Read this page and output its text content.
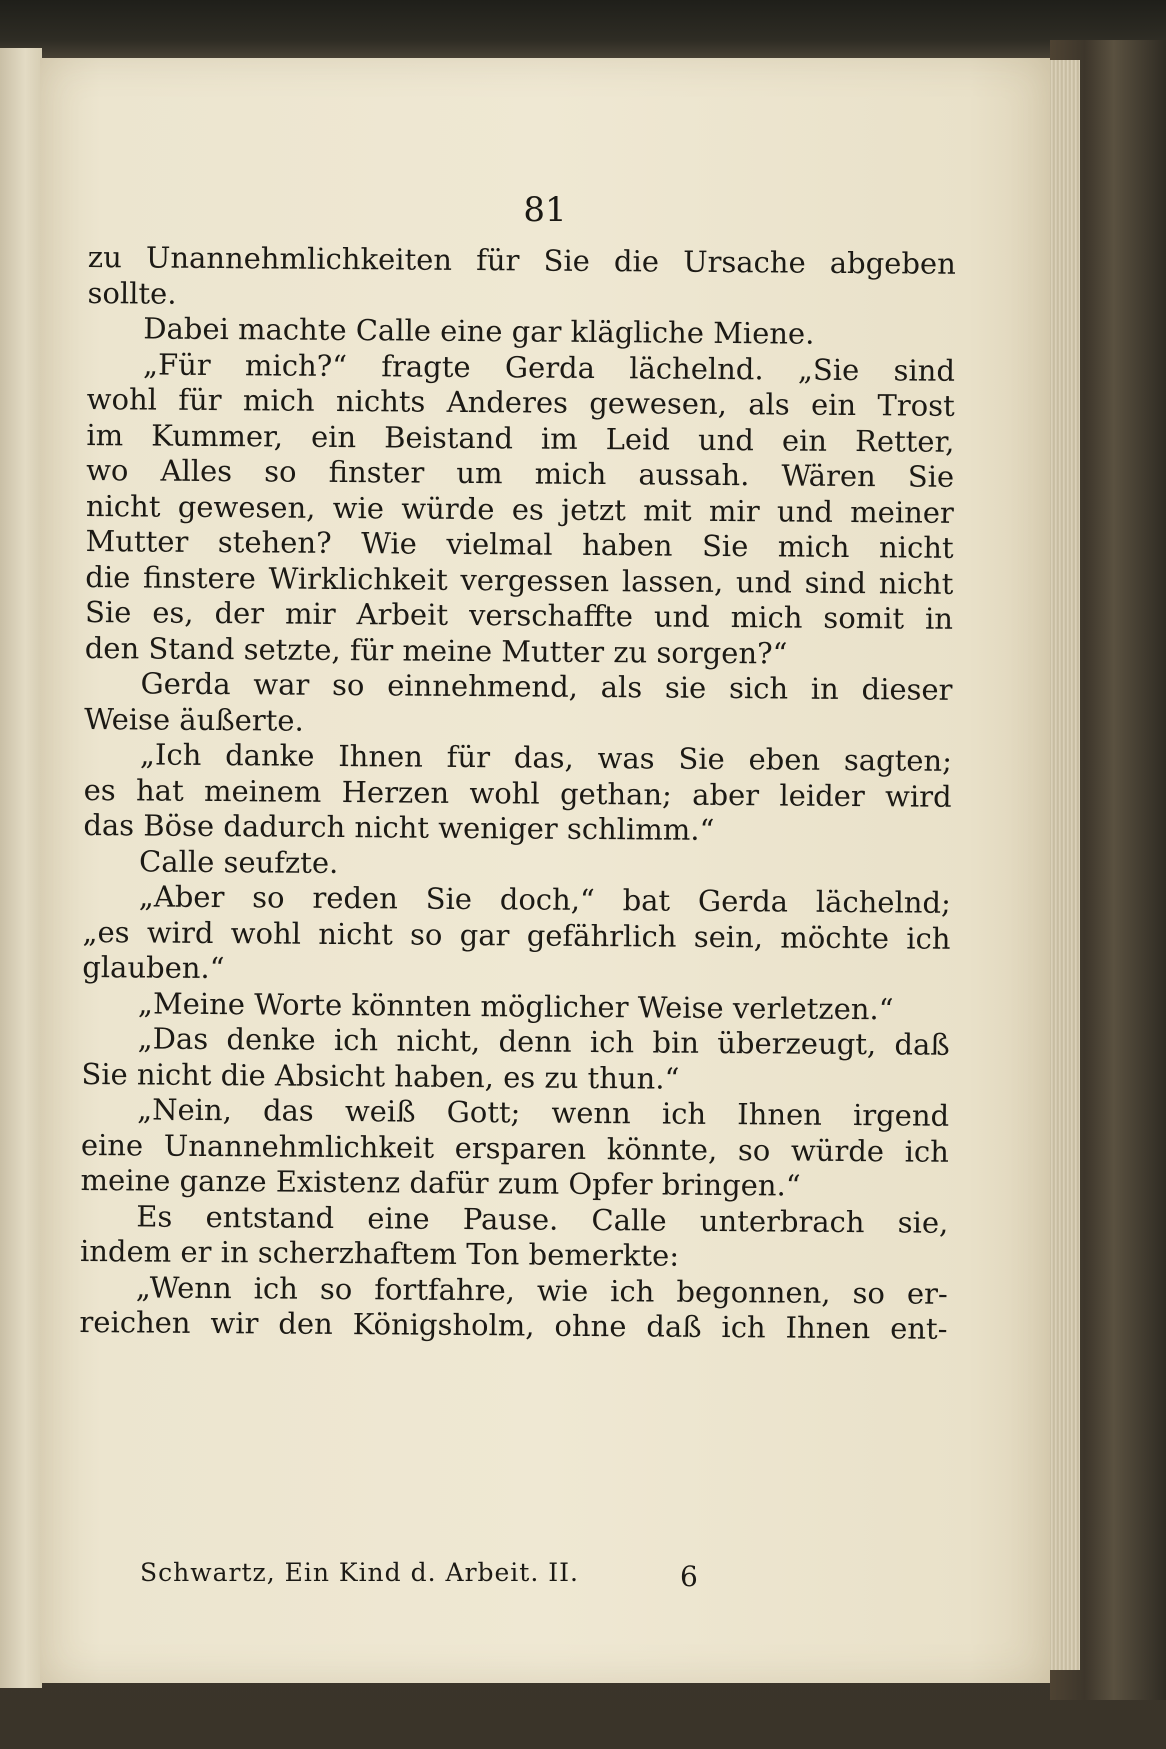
81
zu Unannehmlichkeiten für Sie die Ursache abgeben
sollte.
Dabei machte Calle eine gar klägliche Miene.
„Für mich?“ fragte Gerda lächelnd. „Sie sind
wohl für mich nichts Anderes gewesen, als ein Trost
im Kummer, ein Beistand im Leid und ein Retter,
wo Alles so finster um mich aussah. Wären Sie
nicht gewesen, wie würde es jetzt mit mir und meiner
Mutter stehen? Wie vielmal haben Sie mich nicht
die finstere Wirklichkeit vergessen lassen, und sind nicht
Sie es, der mir Arbeit verschaffte und mich somit in
den Stand setzte, für meine Mutter zu sorgen?“
Gerda war so einnehmend, als sie sich in dieser
Weise äußerte.
„Ich danke Ihnen für das, was Sie eben sagten;
es hat meinem Herzen wohl gethan; aber leider wird
das Böse dadurch nicht weniger schlimm.“
Calle seufzte.
„Aber so reden Sie doch,“ bat Gerda lächelnd;
„es wird wohl nicht so gar gefährlich sein, möchte ich
glauben.“
„Meine Worte könnten möglicher Weise verletzen.“
„Das denke ich nicht, denn ich bin überzeugt, daß
Sie nicht die Absicht haben, es zu thun.“
„Nein, das weiß Gott; wenn ich Ihnen irgend
eine Unannehmlichkeit ersparen könnte, so würde ich
meine ganze Existenz dafür zum Opfer bringen.“
Es entstand eine Pause. Calle unterbrach sie,
indem er in scherzhaftem Ton bemerkte:
„Wenn ich so fortfahre, wie ich begonnen, so er-
reichen wir den Königsholm, ohne daß ich Ihnen ent-
Schwartz, Ein Kind d. Arbeit. II.	6
